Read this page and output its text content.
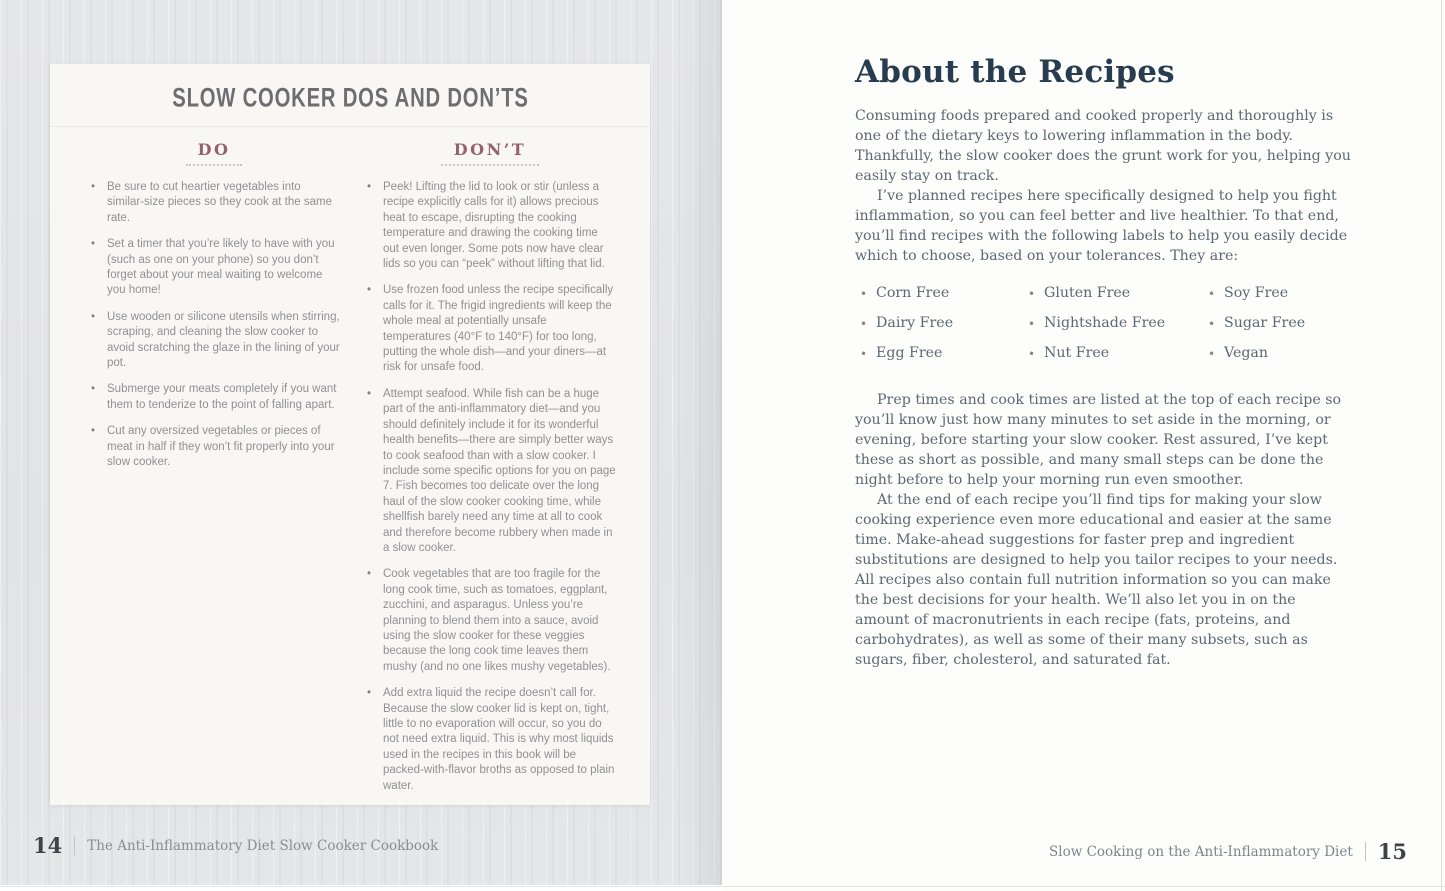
SLOW COOKER DOS AND DON’TS
DO
• Be sure to cut heartier vegetables into similar-size pieces so they cook at the same rate.
• Set a timer that you’re likely to have with you (such as one on your phone) so you don’t forget about your meal waiting to welcome you home!
• Use wooden or silicone utensils when stirring, scraping, and cleaning the slow cooker to avoid scratching the glaze in the lining of your pot.
• Submerge your meats completely if you want them to tenderize to the point of falling apart.
• Cut any oversized vegetables or pieces of meat in half if they won’t fit properly into your slow cooker.
DON’T
• Peek! Lifting the lid to look or stir (unless a recipe explicitly calls for it) allows precious heat to escape, disrupting the cooking temperature and drawing the cooking time out even longer. Some pots now have clear lids so you can “peek” without lifting that lid.
• Use frozen food unless the recipe specifically calls for it. The frigid ingredients will keep the whole meal at potentially unsafe temperatures (40°F to 140°F) for too long, putting the whole dish—and your diners—at risk for unsafe food.
• Attempt seafood. While fish can be a huge part of the anti-inflammatory diet—and you should definitely include it for its wonderful health benefits—there are simply better ways to cook seafood than with a slow cooker. I include some specific options for you on page 7. Fish becomes too delicate over the long haul of the slow cooker cooking time, while shellfish barely need any time at all to cook and therefore become rubbery when made in a slow cooker.
• Cook vegetables that are too fragile for the long cook time, such as tomatoes, eggplant, zucchini, and asparagus. Unless you’re planning to blend them into a sauce, avoid using the slow cooker for these veggies because the long cook time leaves them mushy (and no one likes mushy vegetables).
• Add extra liquid the recipe doesn’t call for. Because the slow cooker lid is kept on, tight, little to no evaporation will occur, so you do not need extra liquid. This is why most liquids used in the recipes in this book will be packed-with-flavor broths as opposed to plain water.
14 The Anti-Inflammatory Diet Slow Cooker Cookbook
About the Recipes

Consuming foods prepared and cooked properly and thoroughly is one of the dietary keys to lowering inflammation in the body. Thankfully, the slow cooker does the grunt work for you, helping you easily stay on track.

I’ve planned recipes here specifically designed to help you fight inflammation, so you can feel better and live healthier. To that end, you’ll find recipes with the following labels to help you easily decide which to choose, based on your tolerances. They are:

• Corn Free
• Dairy Free
• Egg Free
• Gluten Free
• Nightshade Free
• Nut Free
• Soy Free
• Sugar Free
• Vegan

Prep times and cook times are listed at the top of each recipe so you’ll know just how many minutes to set aside in the morning, or evening, before starting your slow cooker. Rest assured, I’ve kept these as short as possible, and many small steps can be done the night before to help your morning run even smoother.

At the end of each recipe you’ll find tips for making your slow cooking experience even more educational and easier at the same time. Make-ahead suggestions for faster prep and ingredient substitutions are designed to help you tailor recipes to your needs. All recipes also contain full nutrition information so you can make the best decisions for your health. We’ll also let you in on the amount of macronutrients in each recipe (fats, proteins, and carbohydrates), as well as some of their many subsets, such as sugars, fiber, cholesterol, and saturated fat.

Slow Cooking on the Anti-Inflammatory Diet 15
